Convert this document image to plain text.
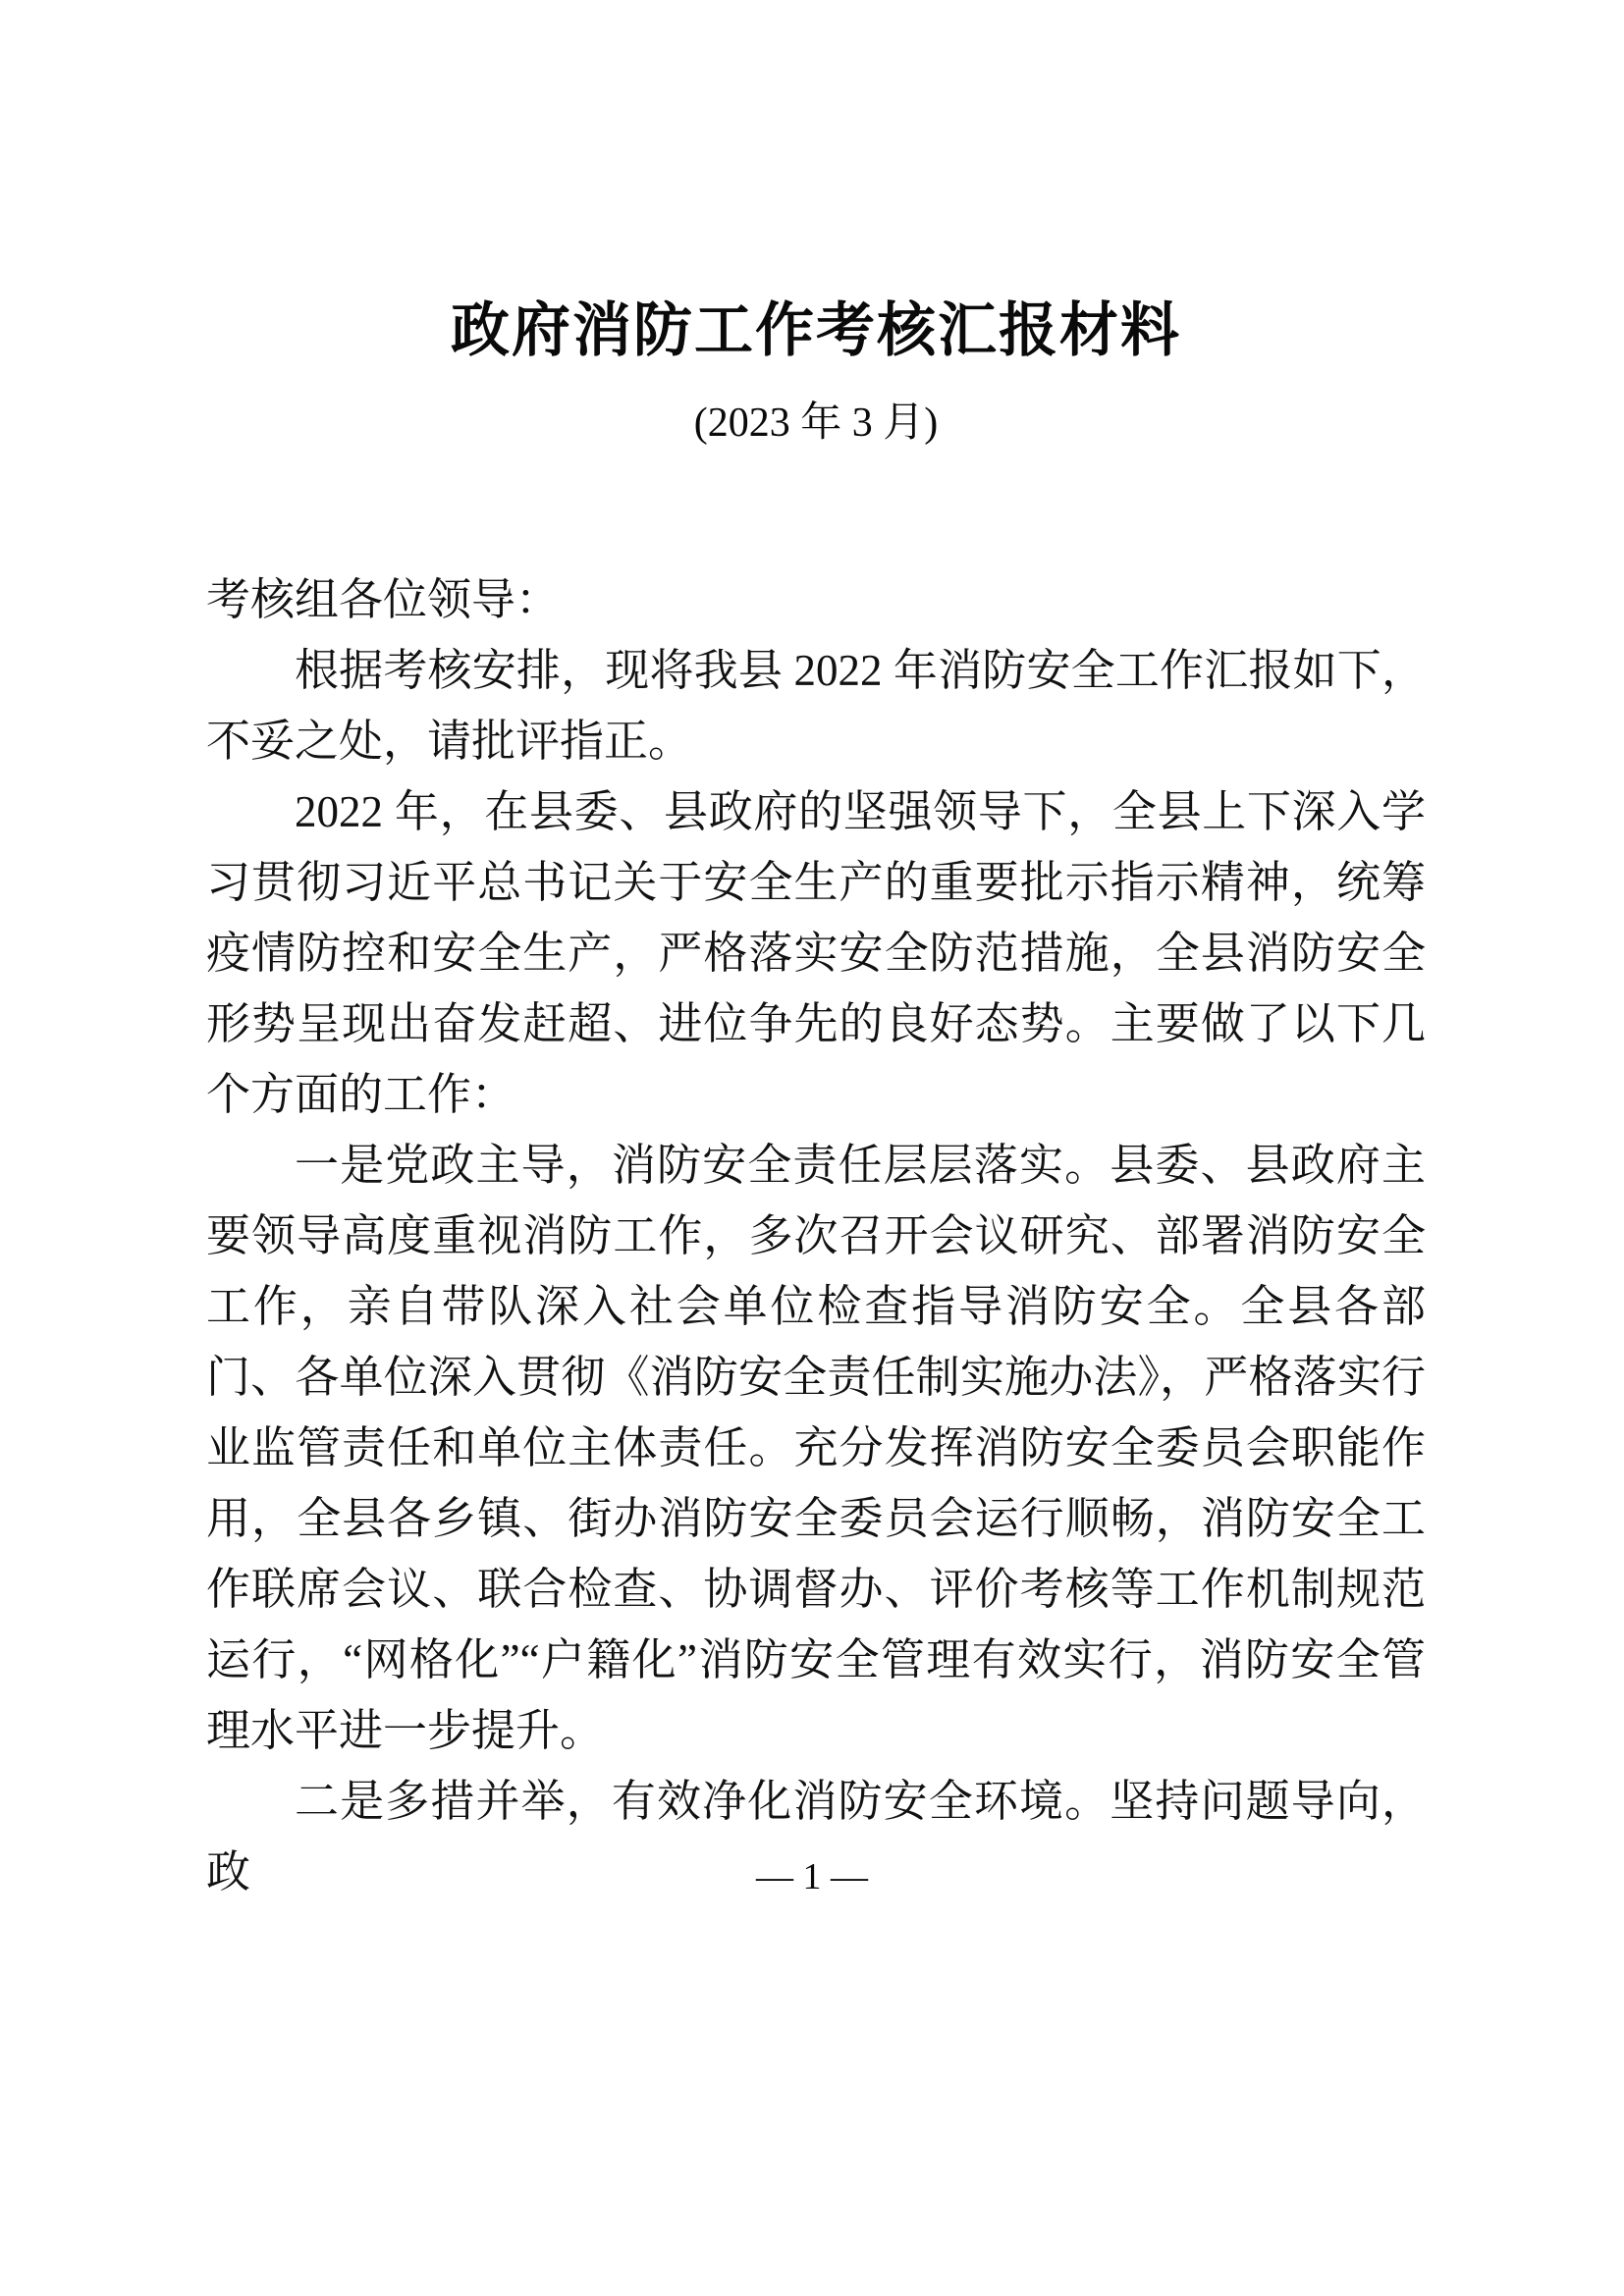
政府消防工作考核汇报材料
(2023 年 3 月)

考核组各位领导：

根据考核安排，现将我县 2022 年消防安全工作汇报如下，不妥之处，请批评指正。

2022 年，在县委、县政府的坚强领导下，全县上下深入学习贯彻习近平总书记关于安全生产的重要批示指示精神，统筹疫情防控和安全生产，严格落实安全防范措施，全县消防安全形势呈现出奋发赶超、进位争先的良好态势。主要做了以下几个方面的工作：

一是党政主导，消防安全责任层层落实。县委、县政府主要领导高度重视消防工作，多次召开会议研究、部署消防安全工作，亲自带队深入社会单位检查指导消防安全。全县各部门、各单位深入贯彻《消防安全责任制实施办法》，严格落实行业监管责任和单位主体责任。充分发挥消防安全委员会职能作用，全县各乡镇、街办消防安全委员会运行顺畅，消防安全工作联席会议、联合检查、协调督办、评价考核等工作机制规范运行，“网格化”“户籍化”消防安全管理有效实行，消防安全管理水平进一步提升。

二是多措并举，有效净化消防安全环境。坚持问题导向，政	— 1 —
